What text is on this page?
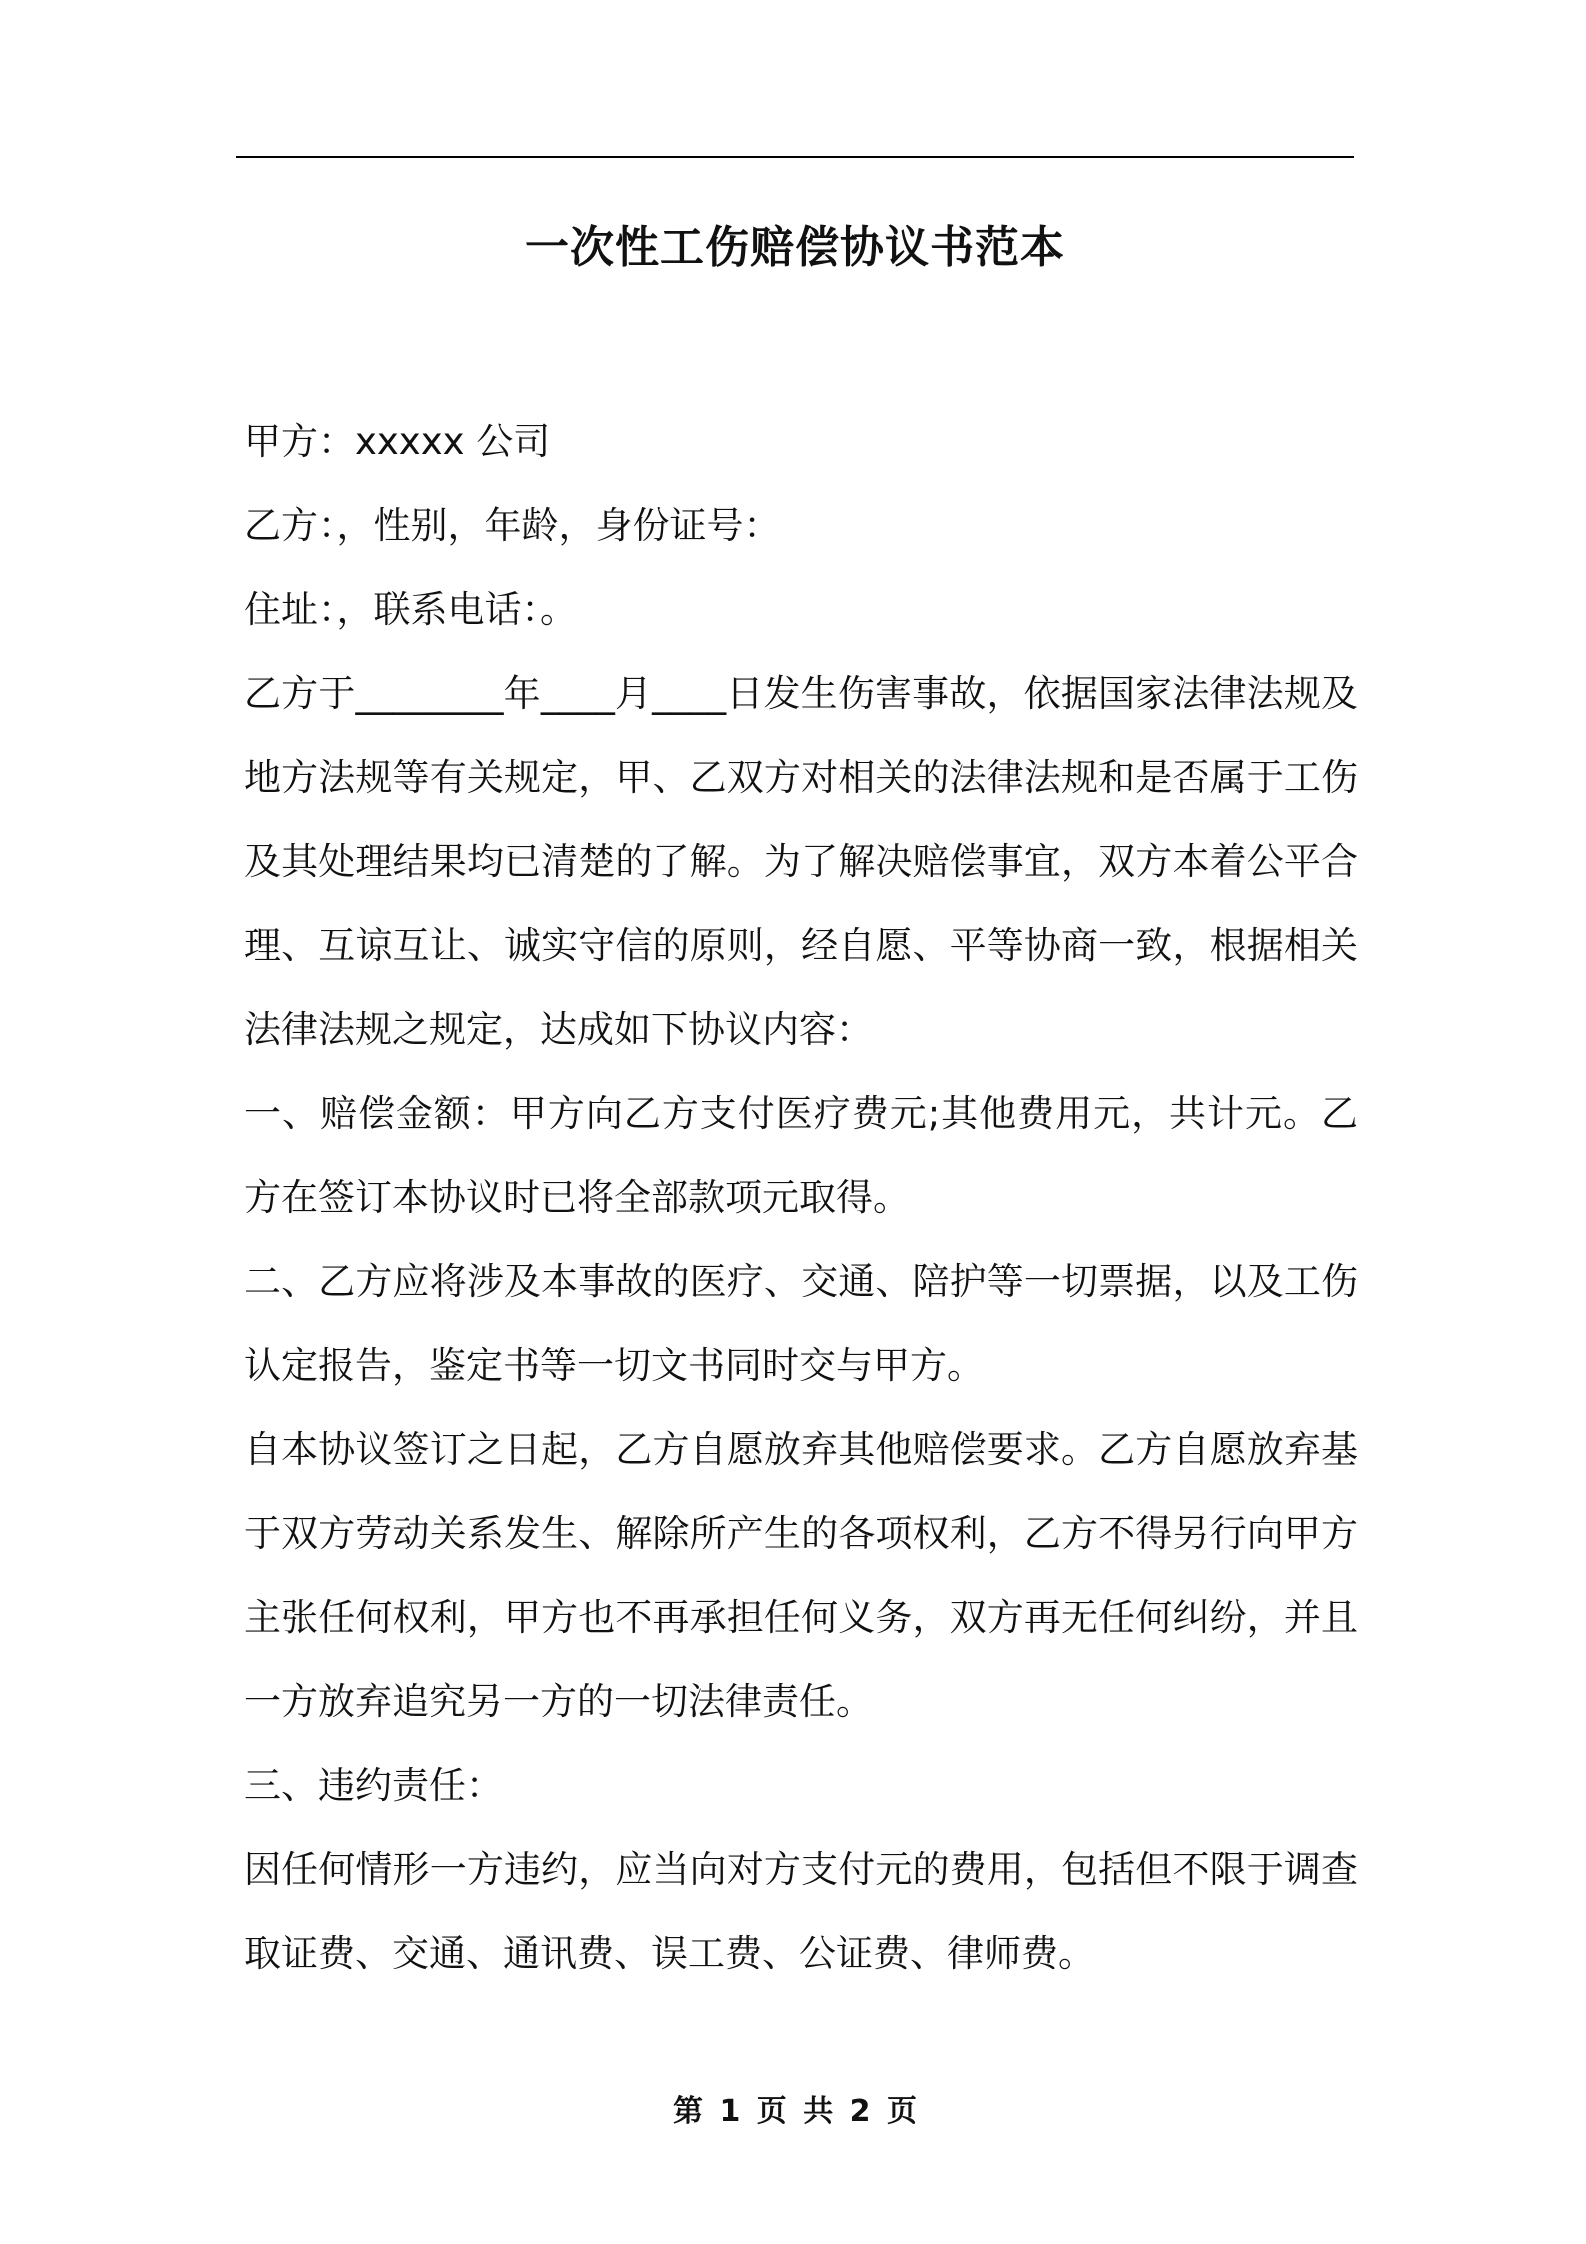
一次性工伤赔偿协议书范本

甲方：xxxxx 公司

乙方：，性别，年龄，身份证号：

住址：，联系电话：。

乙方于________年____月____日发生伤害事故，依据国家法律法规及地方法规等有关规定，甲、乙双方对相关的法律法规和是否属于工伤及其处理结果均已清楚的了解。为了解决赔偿事宜，双方本着公平合理、互谅互让、诚实守信的原则，经自愿、平等协商一致，根据相关法律法规之规定，达成如下协议内容：

一、赔偿金额：甲方向乙方支付医疗费元;其他费用元，共计元。乙方在签订本协议时已将全部款项元取得。

二、乙方应将涉及本事故的医疗、交通、陪护等一切票据，以及工伤认定报告，鉴定书等一切文书同时交与甲方。

自本协议签订之日起，乙方自愿放弃其他赔偿要求。乙方自愿放弃基于双方劳动关系发生、解除所产生的各项权利，乙方不得另行向甲方主张任何权利，甲方也不再承担任何义务，双方再无任何纠纷，并且一方放弃追究另一方的一切法律责任。

三、违约责任：

因任何情形一方违约，应当向对方支付元的费用，包括但不限于调查取证费、交通、通讯费、误工费、公证费、律师费。

第 1 页 共 2 页
